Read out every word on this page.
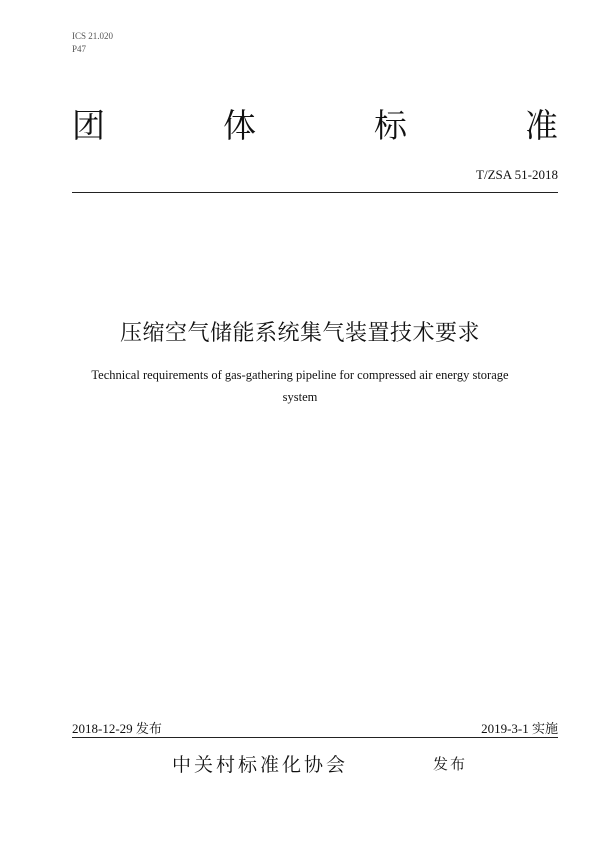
ICS 21.020
P47
团	体	标	准
T/ZSA 51-2018
压缩空气储能系统集气装置技术要求
Technical requirements of gas-gathering pipeline for compressed air energy storage
system
2018-12-29 发布	2019-3-1 实施
中关村标准化协会	发布
